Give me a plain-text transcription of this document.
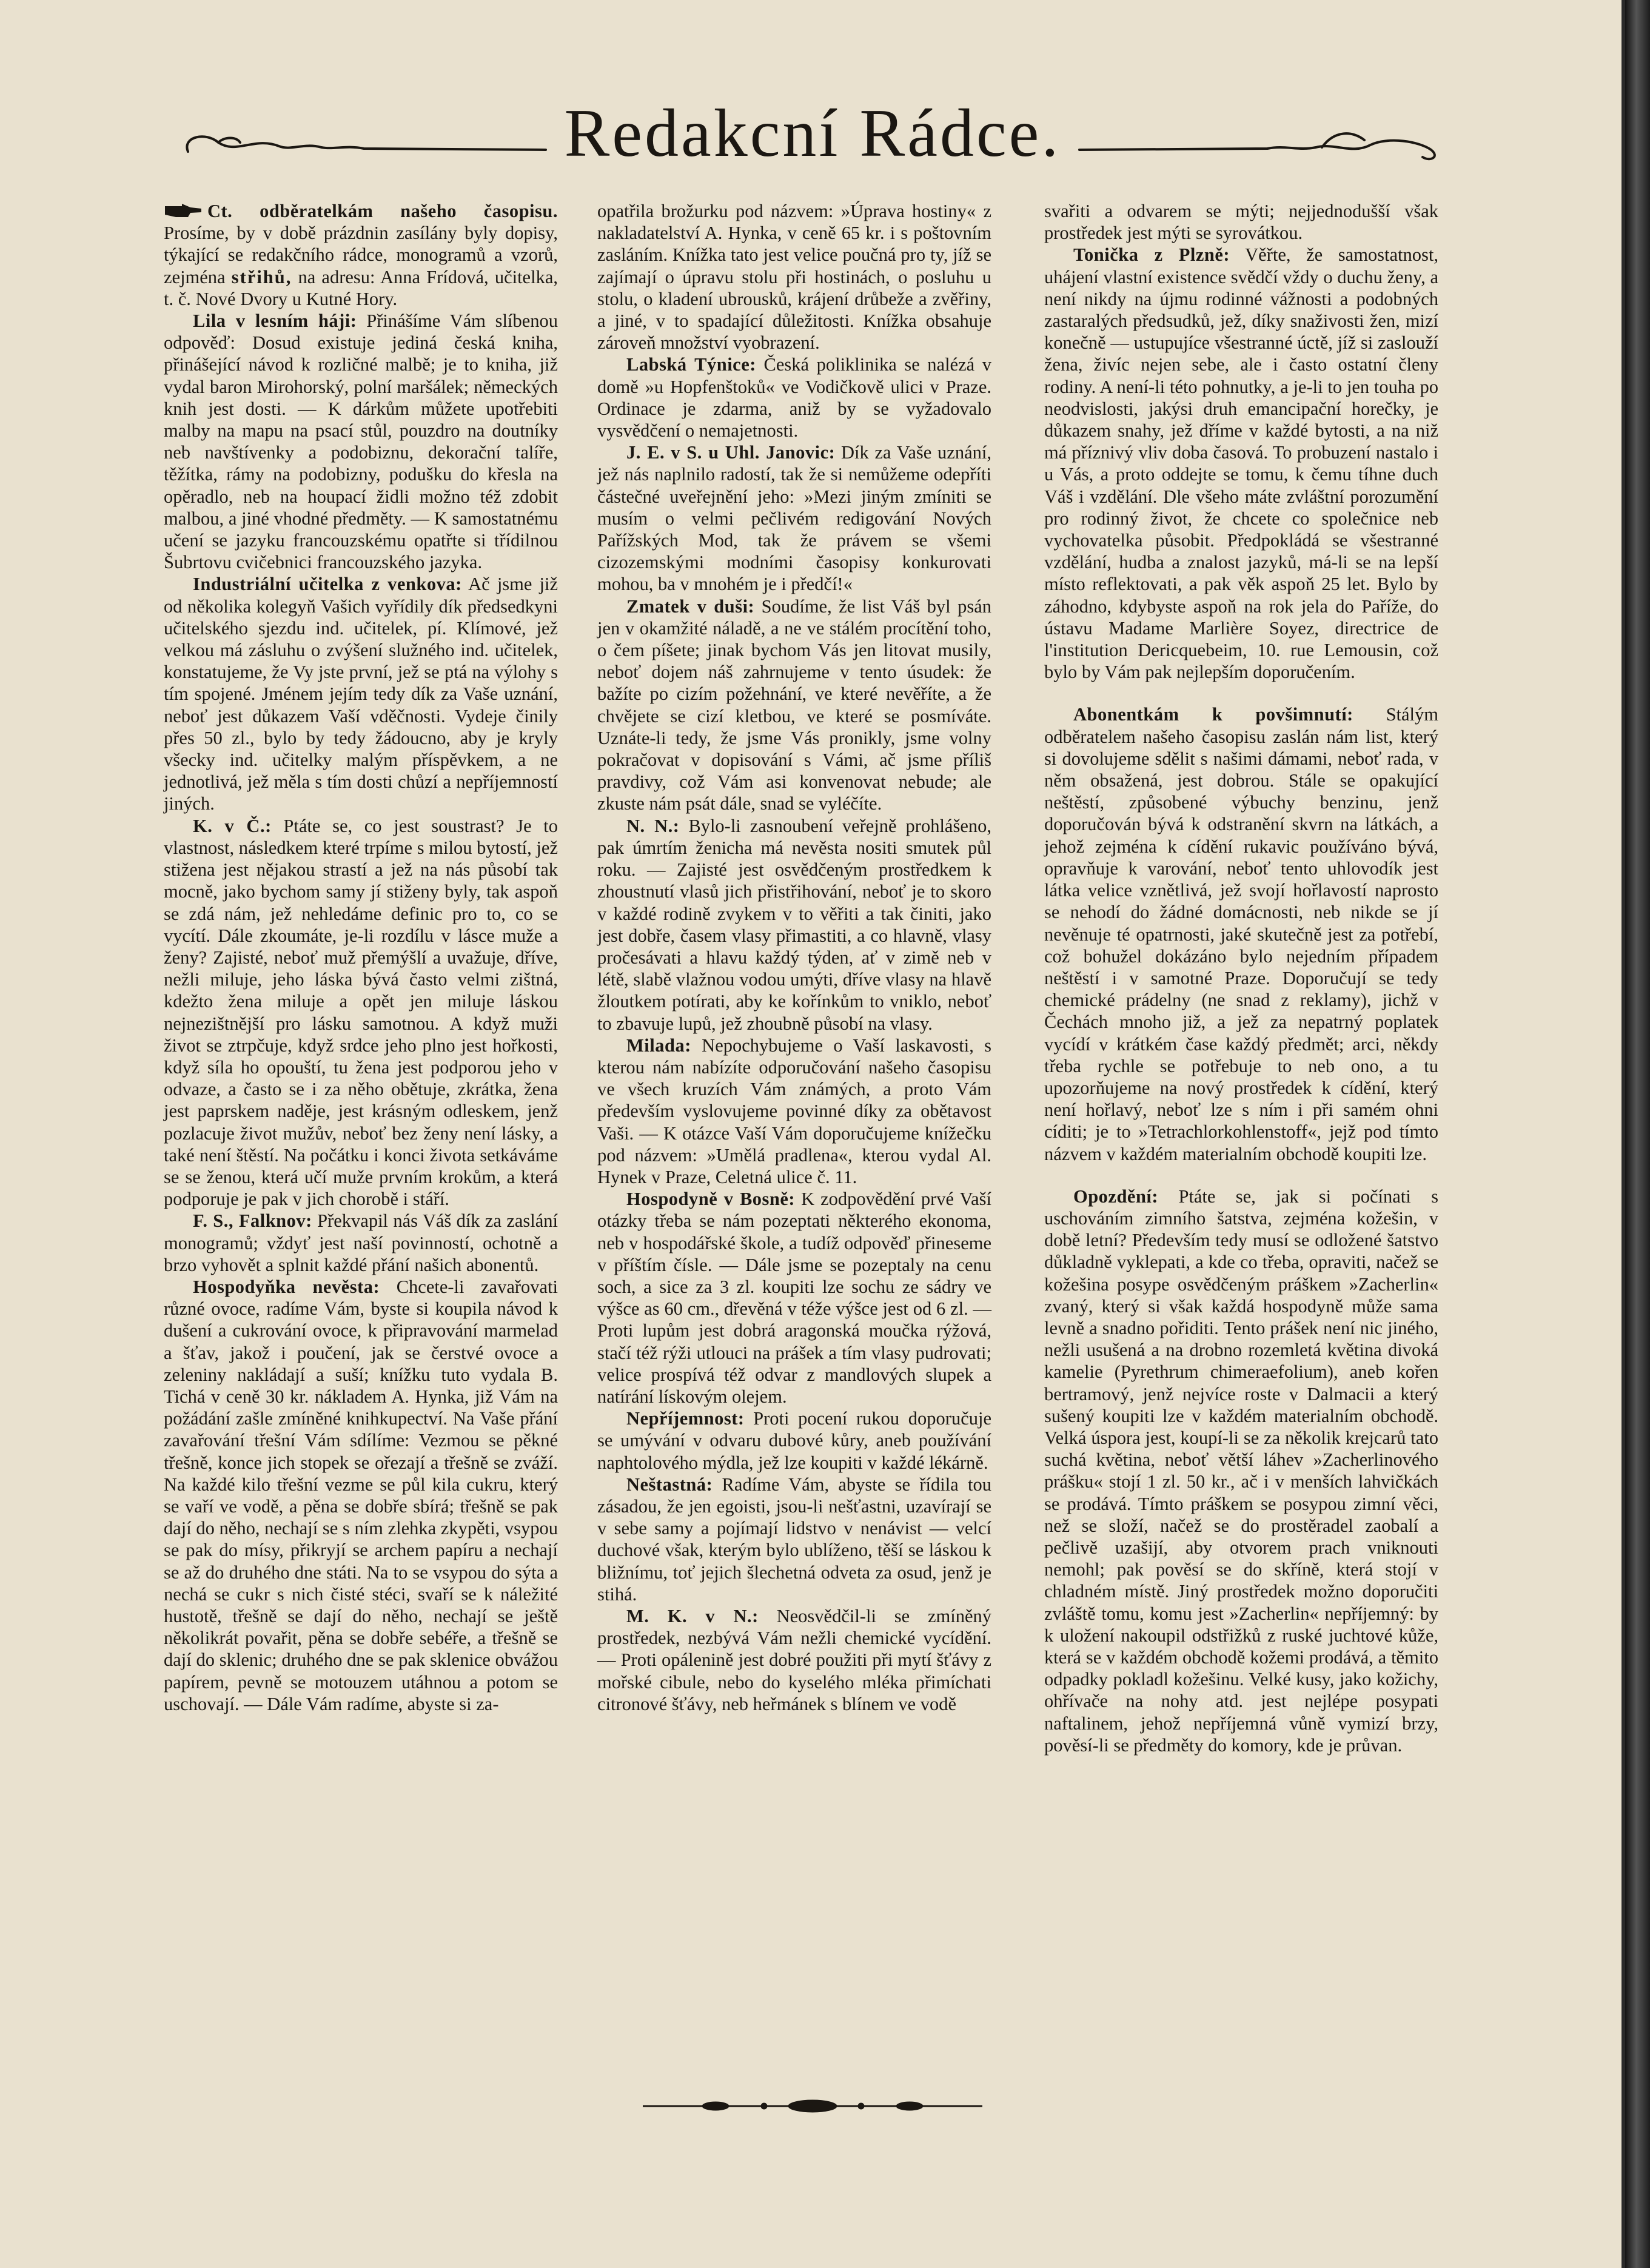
Redakcní Rádce.

Ct. odběratelkám našeho časopisu. Prosíme, by v době prázdnin zasílány byly dopisy, týkající se redakčního rádce, monogramů a vzorů, zejména střihů, na adresu: Anna Frídová, učitelka, t. č. Nové Dvory u Kutné Hory.

Lila v lesním háji: Přinášíme Vám slíbenou odpověď: Dosud existuje jediná česká kniha, přinášející návod k rozličné malbě; je to kniha, již vydal baron Mirohorský, polní maršálek; německých knih jest dosti. — K dárkům můžete upotřebiti malby na mapu na psací stůl, pouzdro na doutníky neb navštívenky a podobiznu, dekorační talíře, těžítka, rámy na podobizny, podušku do křesla na opěradlo, neb na houpací židli možno též zdobit malbou, a jiné vhodné předměty. — K samostatnému učení se jazyku francouzskému opatřte si třídilnou Šubrtovu cvičebnici francouzského jazyka.

Industriální učitelka z venkova: Ač jsme již od několika kolegyň Vašich vyřídily dík předsedkyni učitelského sjezdu ind. učitelek, pí. Klímové, jež velkou má zásluhu o zvýšení služného ind. učitelek, konstatujeme, že Vy jste první, jež se ptá na výlohy s tím spojené. Jménem jejím tedy dík za Vaše uznání, neboť jest důkazem Vaší vděčnosti. Vydeje činily přes 50 zl., bylo by tedy žádoucno, aby je kryly všecky ind. učitelky malým příspěvkem, a ne jednotlivá, jež měla s tím dosti chůzí a nepříjemností jiných.

K. v Č.: Ptáte se, co jest soustrast? Je to vlastnost, následkem které trpíme s milou bytostí, jež stižena jest nějakou strastí a jež na nás působí tak mocně, jako bychom samy jí stiženy byly, tak aspoň se zdá nám, jež nehledáme definic pro to, co se vycítí. Dále zkoumáte, je-li rozdílu v lásce muže a ženy? Zajisté, neboť muž přemýšlí a uvažuje, dříve, nežli miluje, jeho láska bývá často velmi zištná, kdežto žena miluje a opět jen miluje láskou nejnezištnější pro lásku samotnou. A když muži život se ztrpčuje, když srdce jeho plno jest hořkosti, když síla ho opouští, tu žena jest podporou jeho v odvaze, a často se i za něho obětuje, zkrátka, žena jest paprskem naděje, jest krásným odleskem, jenž pozlacuje život mužův, neboť bez ženy není lásky, a také není štěstí. Na počátku i konci života setkáváme se se ženou, která učí muže prvním krokům, a která podporuje je pak v jich chorobě i stáří.

F. S., Falknov: Překvapil nás Váš dík za zaslání monogramů; vždyť jest naší povinností, ochotně a brzo vyhovět a splnit každé přání našich abonentů.

Hospodyňka nevěsta: Chcete-li zavařovati různé ovoce, radíme Vám, byste si koupila návod k dušení a cukrování ovoce, k připravování marmelad a šťav, jakož i poučení, jak se čerstvé ovoce a zeleniny nakládají a suší; knížku tuto vydala B. Tichá v ceně 30 kr. nákladem A. Hynka, již Vám na požádání zašle zmíněné knihkupectví. Na Vaše přání zavařování třešní Vám sdílíme: Vezmou se pěkné třešně, konce jich stopek se ořezají a třešně se zváží. Na každé kilo třešní vezme se půl kila cukru, který se vaří ve vodě, a pěna se dobře sbírá; třešně se pak dají do něho, nechají se s ním zlehka zkypěti, vsypou se pak do mísy, přikryjí se archem papíru a nechají se až do druhého dne státi. Na to se vsypou do sýta a nechá se cukr s nich čisté stéci, svaří se k náležité hustotě, třešně se dají do něho, nechají se ještě několikrát povařit, pěna se dobře sebéře, a třešně se dají do sklenic; druhého dne se pak sklenice obvážou papírem, pevně se motouzem utáhnou a potom se uschovají. — Dále Vám radíme, abyste si za-

opatřila brožurku pod názvem: »Úprava hostiny« z nakladatelství A. Hynka, v ceně 65 kr. i s poštovním zasláním. Knížka tato jest velice poučná pro ty, jíž se zajímají o úpravu stolu při hostinách, o posluhu u stolu, o kladení ubrousků, krájení drůbeže a zvěřiny, a jiné, v to spadající důležitosti. Knížka obsahuje zároveň množství vyobrazení.

Labská Týnice: Česká poliklinika se nalézá v domě »u Hopfenštoků« ve Vodičkově ulici v Praze. Ordinace je zdarma, aniž by se vyžadovalo vysvědčení o nemajetnosti.

J. E. v S. u Uhl. Janovic: Dík za Vaše uznání, jež nás naplnilo radostí, tak že si nemůžeme odepříti částečné uveřejnění jeho: »Mezi jiným zmíniti se musím o velmi pečlivém redigování Nových Pařížských Mod, tak že právem se všemi cizozemskými modními časopisy konkurovati mohou, ba v mnohém je i předčí!«

Zmatek v duši: Soudíme, že list Váš byl psán jen v okamžité náladě, a ne ve stálém procítění toho, o čem píšete; jinak bychom Vás jen litovat musily, neboť dojem náš zahrnujeme v tento úsudek: že bažíte po cizím požehnání, ve které nevěříte, a že chvějete se cizí kletbou, ve které se posmíváte. Uznáte-li tedy, že jsme Vás pronikly, jsme volny pokračovat v dopisování s Vámi, ač jsme příliš pravdivy, což Vám asi konvenovat nebude; ale zkuste nám psát dále, snad se vyléčíte.

N. N.: Bylo-li zasnoubení veřejně prohlášeno, pak úmrtím ženicha má nevěsta nositi smutek půl roku. — Zajisté jest osvědčeným prostředkem k zhoustnutí vlasů jich přistřihování, neboť je to skoro v každé rodině zvykem v to věřiti a tak činiti, jako jest dobře, časem vlasy přimastiti, a co hlavně, vlasy pročesávati a hlavu každý týden, ať v zimě neb v létě, slabě vlažnou vodou umýti, dříve vlasy na hlavě žloutkem potírati, aby ke kořínkům to vniklo, neboť to zbavuje lupů, jež zhoubně působí na vlasy.

Milada: Nepochybujeme o Vaší laskavosti, s kterou nám nabízíte odporučování našeho časopisu ve všech kruzích Vám známých, a proto Vám především vyslovujeme povinné díky za obětavost Vaši. — K otázce Vaší Vám doporučujeme knížečku pod názvem: »Umělá pradlena«, kterou vydal Al. Hynek v Praze, Celetná ulice č. 11.

Hospodyně v Bosně: K zodpovědění prvé Vaší otázky třeba se nám pozeptati některého ekonoma, neb v hospodářské škole, a tudíž odpověď přineseme v příštím čísle. — Dále jsme se pozeptaly na cenu soch, a sice za 3 zl. koupiti lze sochu ze sádry ve výšce as 60 cm., dřevěná v téže výšce jest od 6 zl. — Proti lupům jest dobrá aragonská moučka rýžová, stačí též rýži utlouci na prášek a tím vlasy pudrovati; velice prospívá též odvar z mandlových slupek a natírání lískovým olejem.

Nepříjemnost: Proti pocení rukou doporučuje se umývání v odvaru dubové kůry, aneb používání naphtolového mýdla, jež lze koupiti v každé lékárně.

Neštastná: Radíme Vám, abyste se řídila tou zásadou, že jen egoisti, jsou-li nešťastni, uzavírají se v sebe samy a pojímají lidstvo v nenávist — velcí duchové však, kterým bylo ublíženo, těší se láskou k bližnímu, toť jejich šlechetná odveta za osud, jenž je stihá.

M. K. v N.: Neosvědčil-li se zmíněný prostředek, nezbývá Vám nežli chemické vycídění. — Proti opálenině jest dobré použiti při mytí šťávy z mořské cibule, nebo do kyselého mléka přimíchati citronové šťávy, neb heřmánek s blínem ve vodě

svařiti a odvarem se mýti; nejjednodušší však prostředek jest mýti se syrovátkou.

Tonička z Plzně: Věřte, že samostatnost, uhájení vlastní existence svědčí vždy o duchu ženy, a není nikdy na újmu rodinné vážnosti a podobných zastaralých předsudků, jež, díky snaživosti žen, mizí konečně — ustupujíce všestranné úctě, jíž si zaslouží žena, živíc nejen sebe, ale i často ostatní členy rodiny. A není-li této pohnutky, a je-li to jen touha po neodvislosti, jakýsi druh emancipační horečky, je důkazem snahy, jež dříme v každé bytosti, a na niž má příznivý vliv doba časová. To probuzení nastalo i u Vás, a proto oddejte se tomu, k čemu tíhne duch Váš i vzdělání. Dle všeho máte zvláštní porozumění pro rodinný život, že chcete co společnice neb vychovatelka působit. Předpokládá se všestranné vzdělání, hudba a znalost jazyků, má-li se na lepší místo reflektovati, a pak věk aspoň 25 let. Bylo by záhodno, kdybyste aspoň na rok jela do Paříže, do ústavu Madame Marlière Soyez, directrice de l'institution Dericquebeim, 10. rue Lemousin, což bylo by Vám pak nejlepším doporučením.

Abonentkám k povšimnutí: Stálým odběratelem našeho časopisu zaslán nám list, který si dovolujeme sdělit s našimi dámami, neboť rada, v něm obsažená, jest dobrou. Stále se opakující neštěstí, způsobené výbuchy benzinu, jenž doporučován bývá k odstranění skvrn na látkách, a jehož zejména k cídění rukavic používáno bývá, opravňuje k varování, neboť tento uhlovodík jest látka velice vznětlivá, jež svojí hořlavostí naprosto se nehodí do žádné domácnosti, neb nikde se jí nevěnuje té opatrnosti, jaké skutečně jest za potřebí, což bohužel dokázáno bylo nejedním případem neštěstí i v samotné Praze. Doporučují se tedy chemické prádelny (ne snad z reklamy), jichž v Čechách mnoho již, a jež za nepatrný poplatek vycídí v krátkém čase každý předmět; arci, někdy třeba rychle se potřebuje to neb ono, a tu upozorňujeme na nový prostředek k cídění, který není hořlavý, neboť lze s ním i při samém ohni cíditi; je to »Tetrachlorkohlenstoff«, jejž pod tímto názvem v každém materialním obchodě koupiti lze.

Opozdění: Ptáte se, jak si počínati s uschováním zimního šatstva, zejména kožešin, v době letní? Především tedy musí se odložené šatstvo důkladně vyklepati, a kde co třeba, opraviti, načež se kožešina posype osvědčeným práškem »Zacherlin« zvaný, který si však každá hospodyně může sama levně a snadno pořiditi. Tento prášek není nic jiného, nežli usušená a na drobno rozemletá květina divoká kamelie (Pyrethrum chimeraefolium), aneb kořen bertramový, jenž nejvíce roste v Dalmacii a který sušený koupiti lze v každém materialním obchodě. Velká úspora jest, koupí-li se za několik krejcarů tato suchá květina, neboť větší láhev »Zacherlinového prášku« stojí 1 zl. 50 kr., ač i v menších lahvičkách se prodává. Tímto práškem se posypou zimní věci, než se složí, načež se do prostěradel zaobalí a pečlivě uzašijí, aby otvorem prach vniknouti nemohl; pak pověsí se do skříně, která stojí v chladném místě. Jiný prostředek možno doporučiti zvláště tomu, komu jest »Zacherlin« nepříjemný: by k uložení nakoupil odstřižků z ruské juchtové kůže, která se v každém obchodě kožemi prodává, a těmito odpadky pokladl kožešinu. Velké kusy, jako kožichy, ohřívače na nohy atd. jest nejlépe posypati naftalinem, jehož nepříjemná vůně vymizí brzy, pověsí-li se předměty do komory, kde je průvan.
